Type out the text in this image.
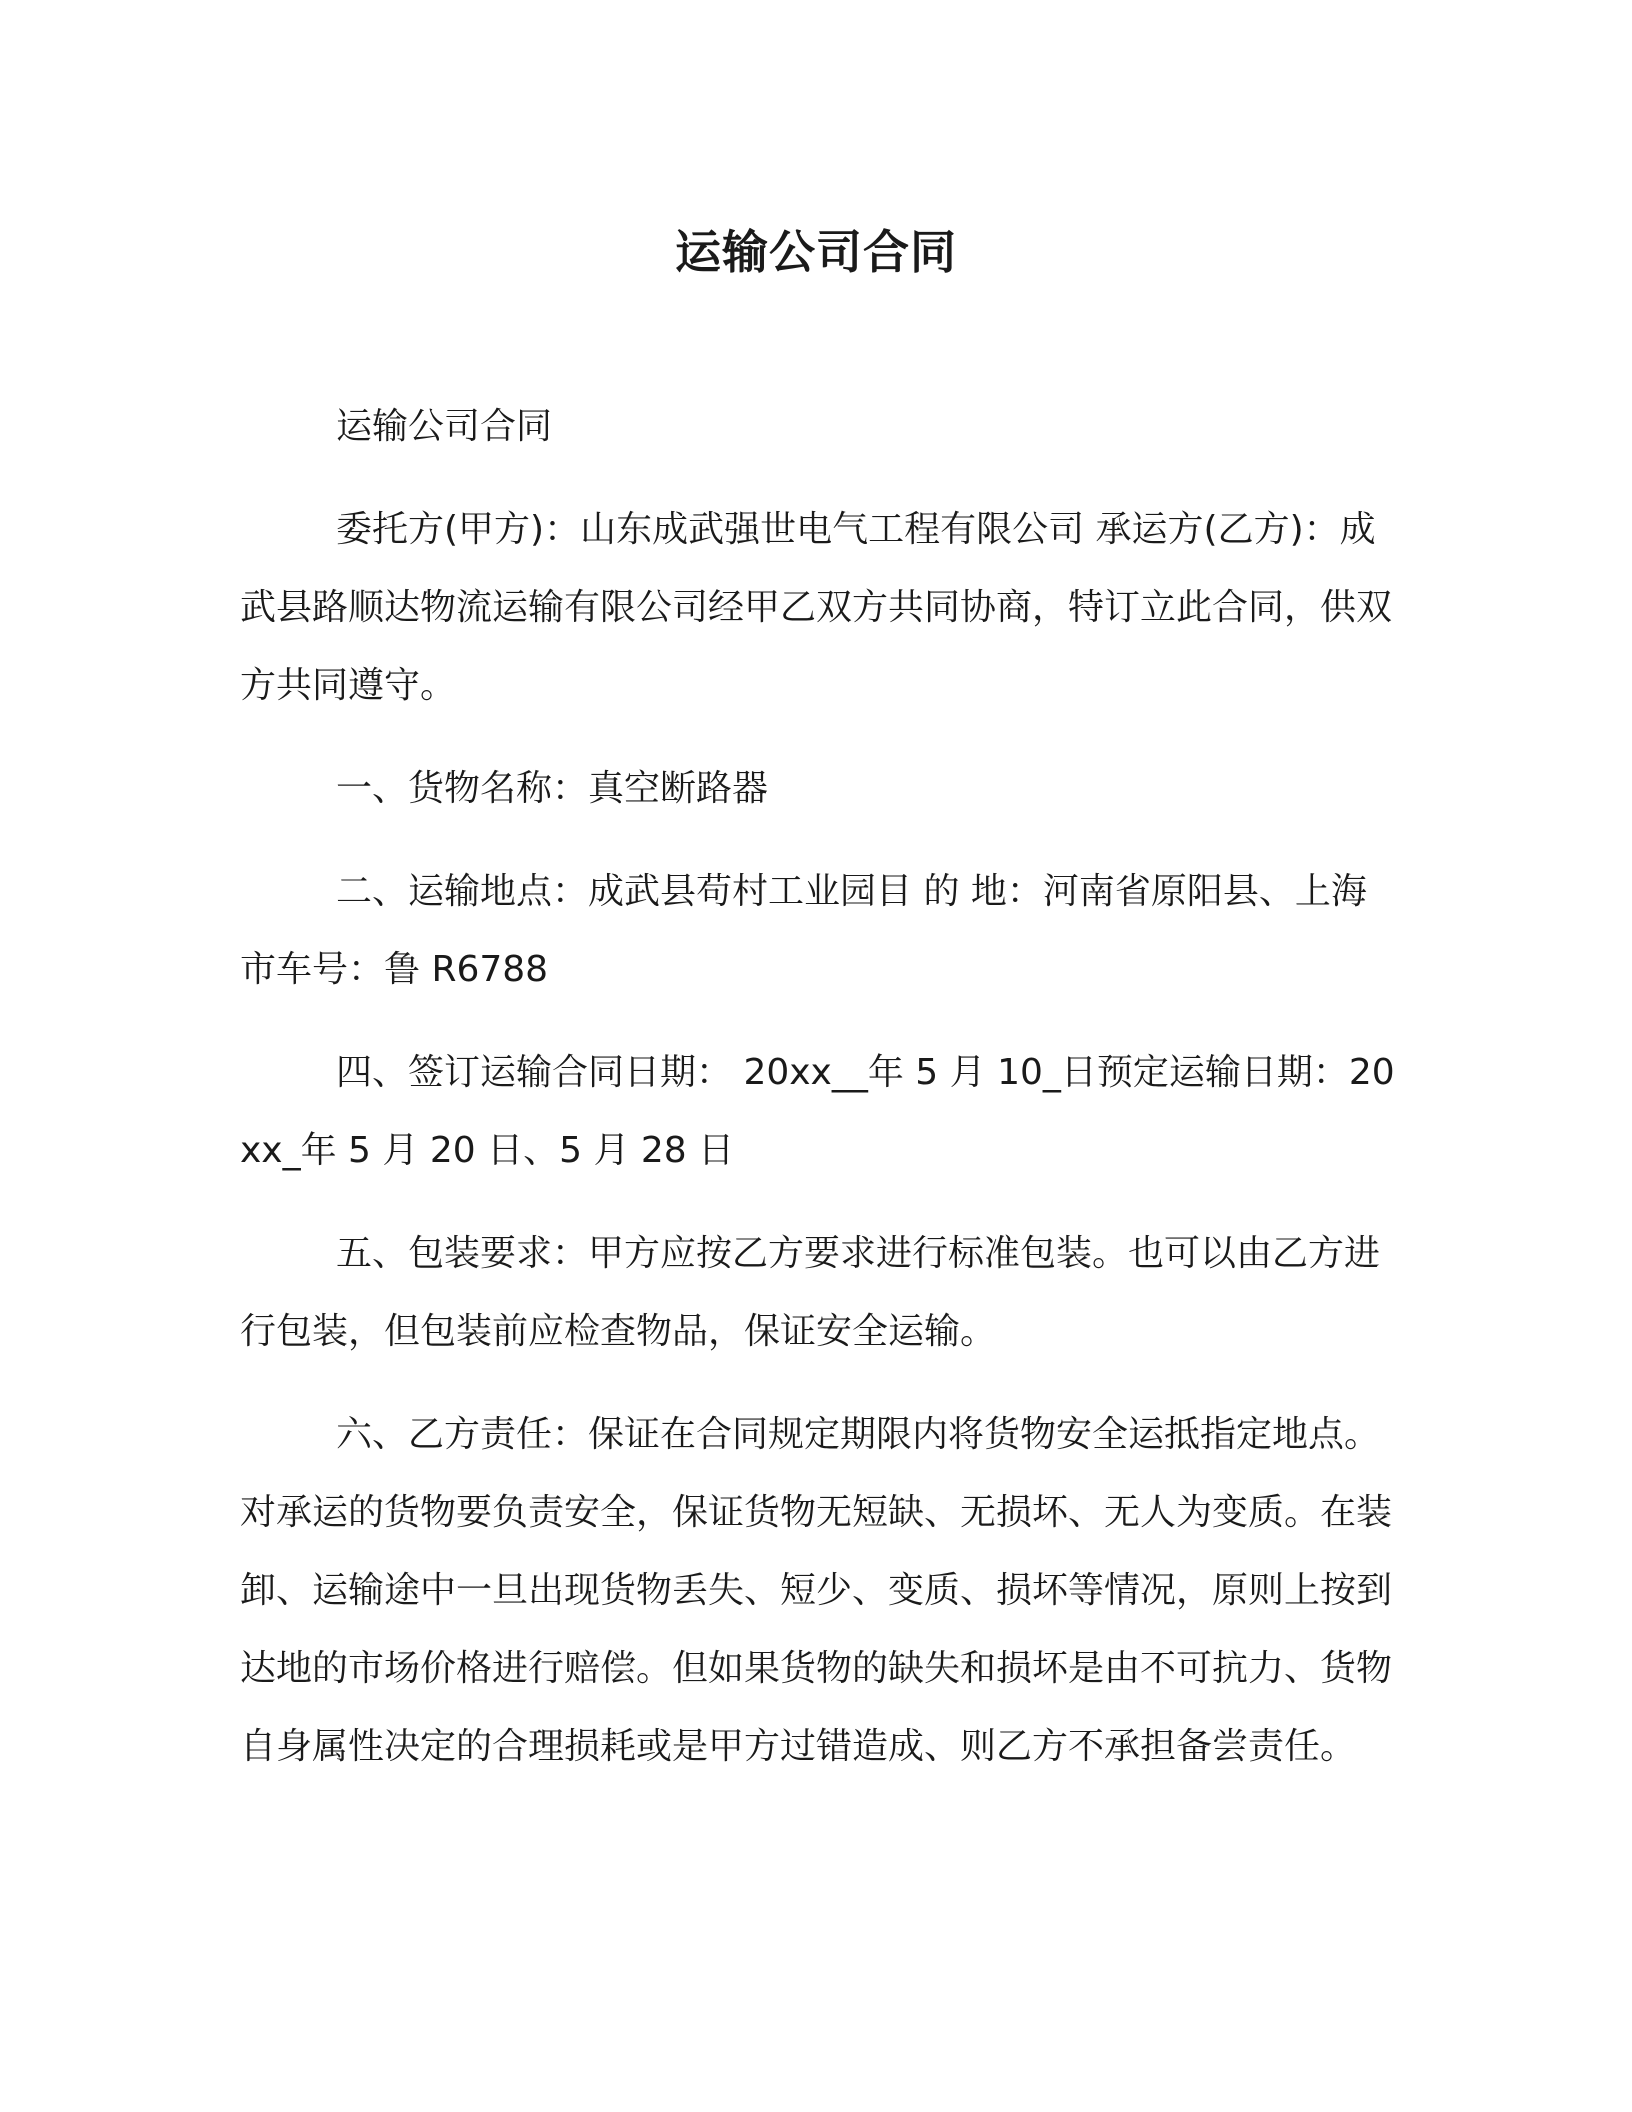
运输公司合同

运输公司合同

委托方(甲方)：山东成武强世电气工程有限公司 承运方(乙方)：成武县路顺达物流运输有限公司经甲乙双方共同协商，特订立此合同，供双方共同遵守。

一、货物名称：真空断路器

二、运输地点：成武县苟村工业园目 的 地：河南省原阳县、上海市车号：鲁 R6788

四、签订运输合同日期： 20xx__年 5 月 10_日预定运输日期：20xx_年 5 月 20 日、5 月 28 日

五、包装要求：甲方应按乙方要求进行标准包装。也可以由乙方进行包装，但包装前应检查物品，保证安全运输。

六、乙方责任：保证在合同规定期限内将货物安全运抵指定地点。对承运的货物要负责安全，保证货物无短缺、无损坏、无人为变质。在装卸、运输途中一旦出现货物丢失、短少、变质、损坏等情况，原则上按到达地的市场价格进行赔偿。但如果货物的缺失和损坏是由不可抗力、货物自身属性决定的合理损耗或是甲方过错造成、则乙方不承担备尝责任。
